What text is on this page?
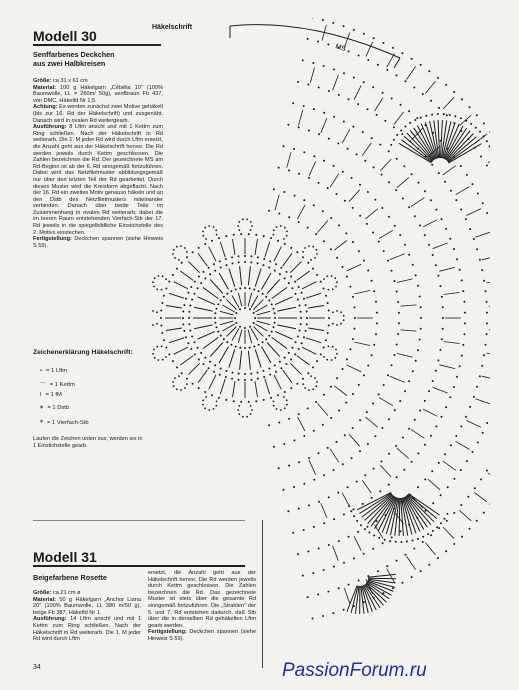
Modell 30
Senffarbenes Deckchen
aus zwei Halbkreisen

Größe: ca 31 x 61 cm

Material: 100 g Häkelgarn „Cébélia 10" (100% Baumwolle, LL = 260m/ 50g), senfbraun Fb 437, von DMC, Häkelfd Nr 1,5.

Achtung: Es werden zunächst zwei Motive gehäkelt (bis zur 16. Rd der Häkelschrift) und zusgenäht. Danach wird in ovalen Rd weitergearb.

Ausführung: 8 Lftm anschl und mit 1 Kettm zum Ring schließen. Nach der Häkelschrift in Rd weiterarb. Die 1. M jeder Rd wird durch Lftm ersetzt, die Anzahl geht aus der Häkelschrift hervor. Die Rd werden jeweils durch Kettm geschlossen. Die Zahlen bezeichnen die Rd. Der gezeichnete MS am Rd-Beginn ist ab der 6. Rd sinngemäß fortzuführen. Dabei wird das Netzfiletmuster abbildungsgemäß nur über den letzten Teil der Rd gearbeitet. Durch dieses Muster wird die Kreisform abgeflacht. Nach der 16. Rd ein zweites Motiv genauso häkeln und an den Dstb des Netzfiletmusters miteinander verbinden. Danach über beide Teile im Zusammenhang in ovalen Rd weiterarb, dabei die im leeren Raum entstehenden Vierfach-Stb der 17. Rd jeweils in die spiegelbildliche Einstichstelle des 2. Motivs einstechen.

Fertigstellung: Deckchen spannen (siehe Hinweis S 59).

Zeichenerklärung Häkelschrift:
• = 1 Lftm
⌒ = 1 Kettm
ǀ = 1 fM
ǂ = 1 Dstb
⧧ = 1 Vierfach-Stb
Laufen die Zeichen unten zus, werden sie in 1 Einstichstelle gearb.
Häkelschrift
MS
Modell 31
Beigefarbene Rosette

Größe: ca 21 cm ø

Material: 50 g Häkelgarn „Anchor Liana 20" (100% Baumwolle, LL 380 m/50 g), beige Fb 387, Häkelfd Nr 1.

Ausführung: 14 Lftm anschl und mit 1 Kettm zum Ring schließen. Nach der Häkelschrift in Rd weiterarb. Die 1. M jeder Rd wird durch Lftm

ersetzt, die Anzahl geht aus der Häkelschrift hervor. Die Rd werden jeweils durch Kettm geschlossen. Die Zahlen bezeichnen die Rd. Das gezeichnete Muster ist stets über die gesamte Rd sinngemäß fortzuführen. Die „Strahlen" der 5. und 7. Rd entstehen dadurch, daß Stb über die in derselben Rd gehäkelten Lftm gearb werden.

Fertigstellung: Deckchen spannen (siehe Hinweis S 59).

34	PassionForum.ru
